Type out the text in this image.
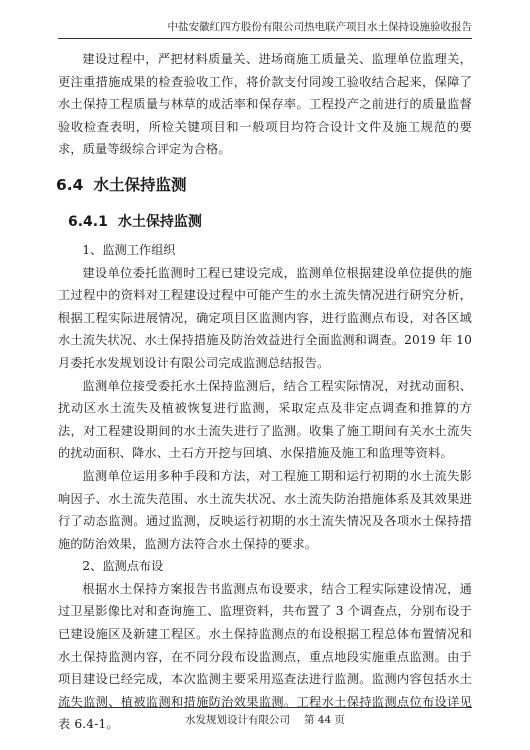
中盐安徽红四方股份有限公司热电联产项目水土保持设施验收报告

建设过程中，严把材料质量关、进场商施工质量关、监理单位监理关，更注重措施成果的检查验收工作，将价款支付同竣工验收结合起来，保障了水土保持工程质量与林草的成活率和保存率。工程投产之前进行的质量监督验收检查表明，所检关键项目和一般项目均符合设计文件及施工规范的要求，质量等级综合评定为合格。

6.4 水土保持监测
6.4.1 水土保持监测

1、监测工作组织

建设单位委托监测时工程已建设完成，监测单位根据建设单位提供的施工过程中的资料对工程建设过程中可能产生的水土流失情况进行研究分析，根据工程实际进展情况，确定项目区监测内容，进行监测点布设，对各区域水土流失状况、水土保持措施及防治效益进行全面监测和调查。2019 年 10 月委托水发规划设计有限公司完成监测总结报告。

监测单位接受委托水土保持监测后，结合工程实际情况，对扰动面积、扰动区水土流失及植被恢复进行监测，采取定点及非定点调查和推算的方法，对工程建设期间的水土流失进行了监测。收集了施工期间有关水土流失的扰动面积、降水、土石方开挖与回填、水保措施及施工和监理等资料。

监测单位运用多种手段和方法，对工程施工期和运行初期的水土流失影响因子、水土流失范围、水土流失状况、水土流失防治措施体系及其效果进行了动态监测。通过监测，反映运行初期的水土流失情况及各项水土保持措施的防治效果，监测方法符合水土保持的要求。

2、监测点布设

根据水土保持方案报告书监测点布设要求，结合工程实际建设情况，通过卫星影像比对和查询施工、监理资料，共布置了 3 个调查点，分别布设于已建设施区及新建工程区。水土保持监测点的布设根据工程总体布置情况和水土保持监测内容，在不同分段布设监测点，重点地段实施重点监测。由于项目建设已经完成，本次监测主要采用巡查法进行监测。监测内容包括水土流失监测、植被监测和措施防治效果监测。工程水土保持监测点位布设详见表 6.4-1。	水发规划设计有限公司 第 44 页
